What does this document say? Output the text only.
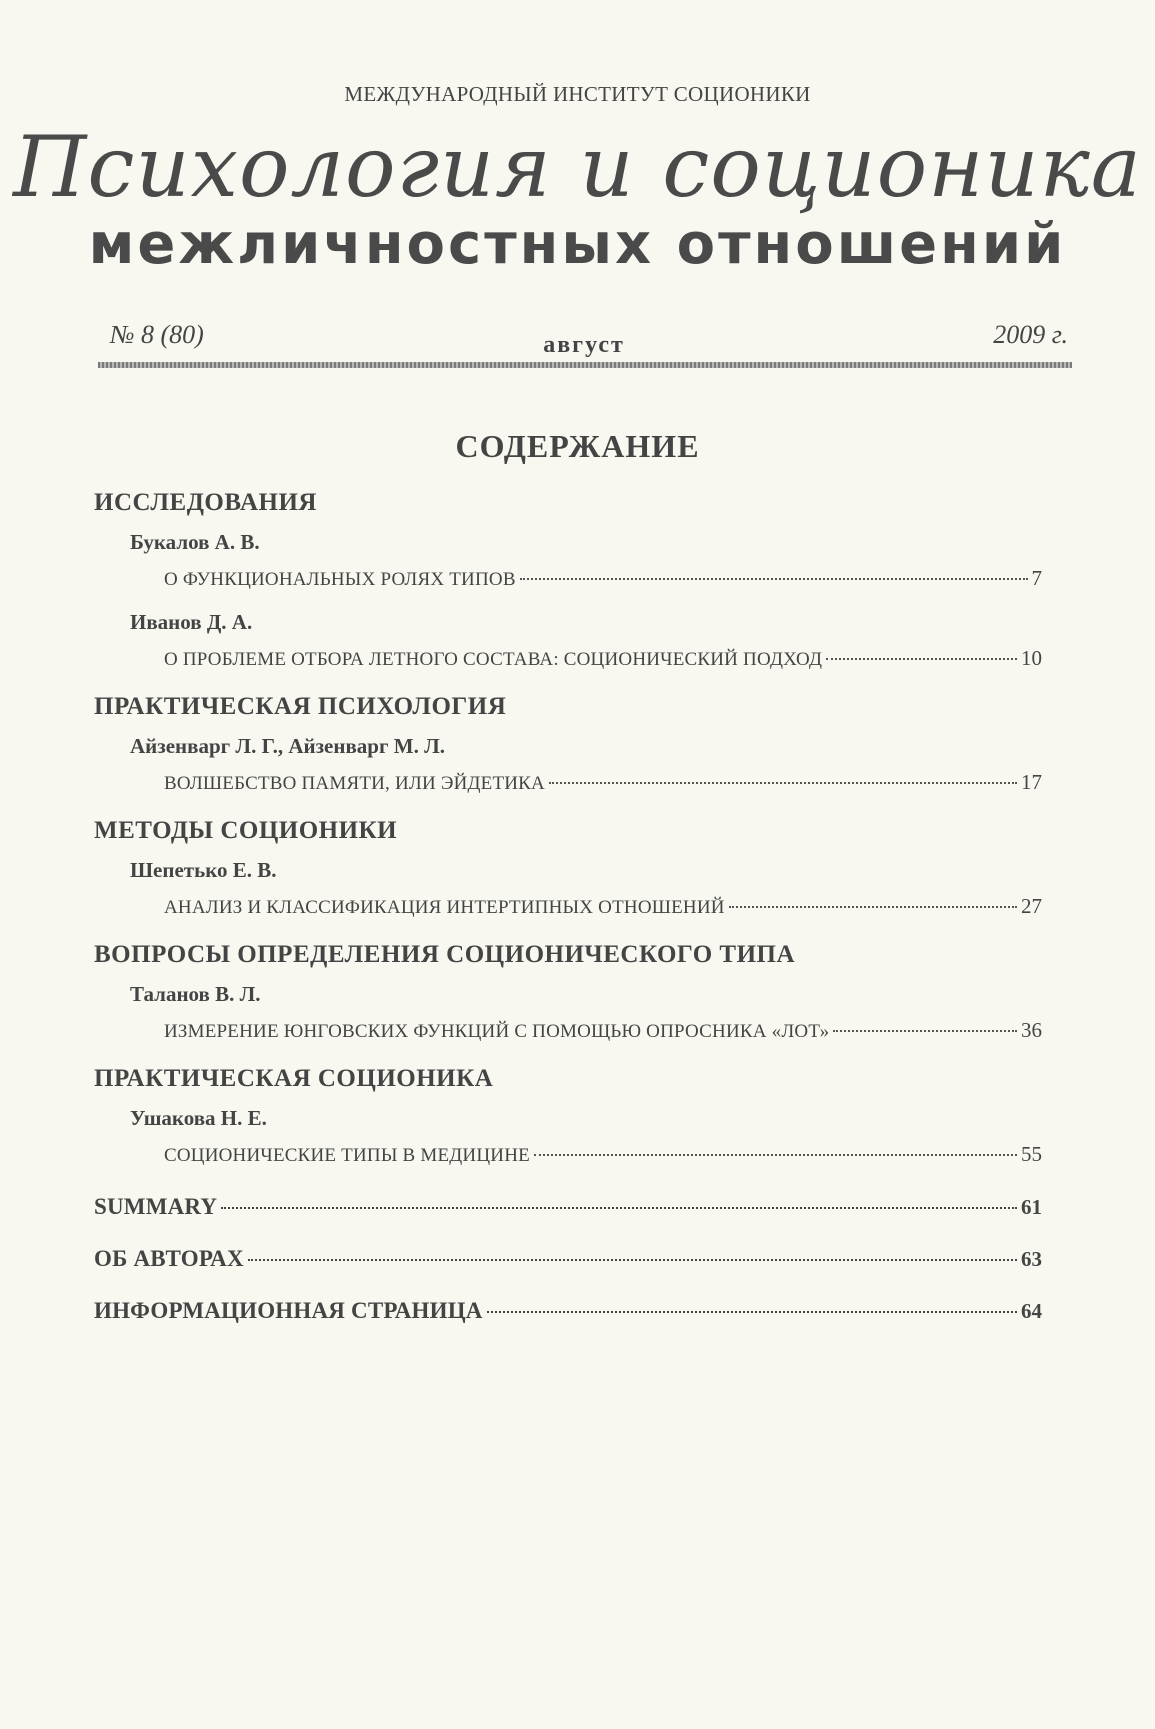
МЕЖДУНАРОДНЫЙ ИНСТИТУТ СОЦИОНИКИ
Психология и соционика
межличностных отношений
№ 8 (80)	август	2009 г.
СОДЕРЖАНИЕ
ИССЛЕДОВАНИЯ
Букалов А. В.
О ФУНКЦИОНАЛЬНЫХ РОЛЯХ ТИПОВ	7
Иванов Д. А.
О ПРОБЛЕМЕ ОТБОРА ЛЕТНОГО СОСТАВА: СОЦИОНИЧЕСКИЙ ПОДХОД	10
ПРАКТИЧЕСКАЯ ПСИХОЛОГИЯ
Айзенварг Л. Г., Айзенварг М. Л.
ВОЛШЕБСТВО ПАМЯТИ, ИЛИ ЭЙДЕТИКА	17
МЕТОДЫ СОЦИОНИКИ
Шепетько Е. В.
АНАЛИЗ И КЛАССИФИКАЦИЯ ИНТЕРТИПНЫХ ОТНОШЕНИЙ	27
ВОПРОСЫ ОПРЕДЕЛЕНИЯ СОЦИОНИЧЕСКОГО ТИПА
Таланов В. Л.
ИЗМЕРЕНИЕ ЮНГОВСКИХ ФУНКЦИЙ С ПОМОЩЬЮ ОПРОСНИКА «ЛОТ»	36
ПРАКТИЧЕСКАЯ СОЦИОНИКА
Ушакова Н. Е.
СОЦИОНИЧЕСКИЕ ТИПЫ В МЕДИЦИНЕ	55
SUMMARY	61
ОБ АВТОРАХ	63
ИНФОРМАЦИОННАЯ СТРАНИЦА	64
